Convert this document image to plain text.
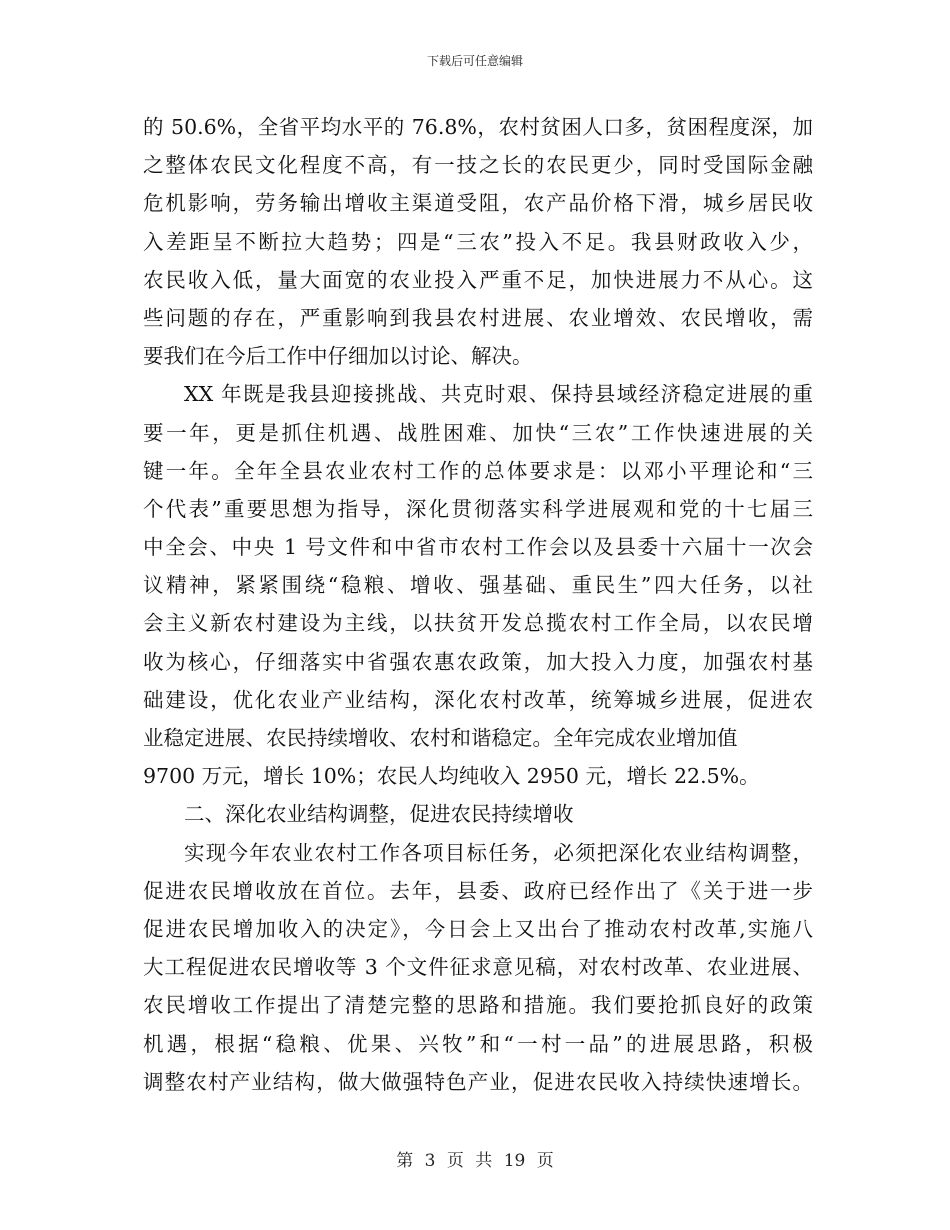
下载后可任意编辑
的 50.6%，全省平均水平的 76.8%，农村贫困人口多，贫困程度深，加
之整体农民文化程度不高，有一技之长的农民更少，同时受国际金融
危机影响，劳务输出增收主渠道受阻，农产品价格下滑，城乡居民收
入差距呈不断拉大趋势；四是“三农”投入不足。我县财政收入少，
农民收入低，量大面宽的农业投入严重不足，加快进展力不从心。这
些问题的存在，严重影响到我县农村进展、农业增效、农民增收，需
要我们在今后工作中仔细加以讨论、解决。
XX 年既是我县迎接挑战、共克时艰、保持县域经济稳定进展的重
要一年，更是抓住机遇、战胜困难、加快“三农”工作快速进展的关
键一年。全年全县农业农村工作的总体要求是：以邓小平理论和“三
个代表”重要思想为指导，深化贯彻落实科学进展观和党的十七届三
中全会、中央 1 号文件和中省市农村工作会以及县委十六届十一次会
议精神，紧紧围绕“稳粮、增收、强基础、重民生”四大任务，以社
会主义新农村建设为主线，以扶贫开发总揽农村工作全局，以农民增
收为核心，仔细落实中省强农惠农政策，加大投入力度，加强农村基
础建设，优化农业产业结构，深化农村改革，统筹城乡进展，促进农
业稳定进展、农民持续增收、农村和谐稳定。全年完成农业增加值
9700 万元，增长 10%；农民人均纯收入 2950 元，增长 22.5%。
二、深化农业结构调整，促进农民持续增收
实现今年农业农村工作各项目标任务，必须把深化农业结构调整，
促进农民增收放在首位。去年，县委、政府已经作出了《关于进一步
促进农民增加收入的决定》，今日会上又出台了推动农村改革,实施八
大工程促进农民增收等 3 个文件征求意见稿，对农村改革、农业进展、
农民增收工作提出了清楚完整的思路和措施。我们要抢抓良好的政策
机遇，根据“稳粮、优果、兴牧”和“一村一品”的进展思路，积极
调整农村产业结构，做大做强特色产业，促进农民收入持续快速增长。
第 3 页 共 19 页
